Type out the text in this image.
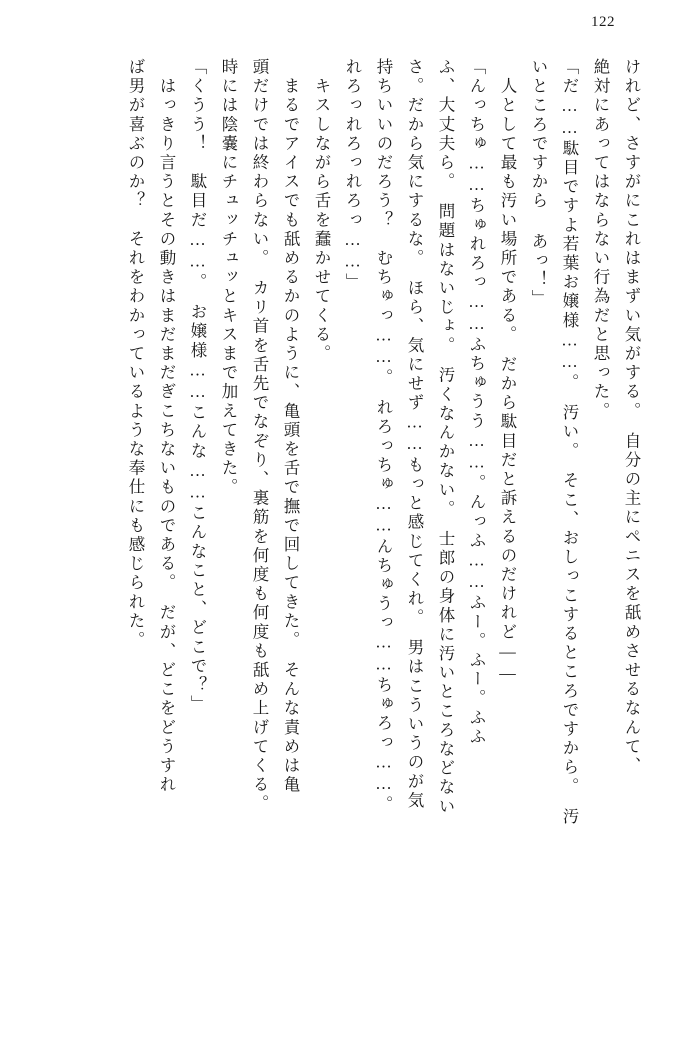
122
けれど、さすがにこれはまずい気がする。　自分の主にペニスを舐めさせるなんて、
絶対にあってはならない行為だと思った。
「だ……駄目ですよ若葉お嬢様……。　汚い。　そこ、おしっこするところですから。　汚
いところですから あっ！」
　人として最も汚い場所である。　だから駄目だと訴えるのだけれど——
「んっちゅ……ちゅれろっ……ふちゅうう……。んっふ……ふー。ふー。ふふ
ふ、大丈夫ら。　問題はないじょ。　汚くなんかない。　士郎の身体に汚いところなどない
さ。だから気にするな。　ほら、気にせず……もっと感じてくれ。　男はこういうのが気
持ちいいのだろう？　むちゅっ……。　れろっちゅ……んちゅうっ……ちゅろっ……。
れろっれろっれろっ……」
　キスしながら舌を蠢かせてくる。
　まるでアイスでも舐めるかのように、亀頭を舌で撫で回してきた。　そんな責めは亀
頭だけでは終わらない。　カリ首を舌先でなぞり、裏筋を何度も何度も舐め上げてくる。
時には陰嚢にチュッチュッとキスまで加えてきた。
「くうう！　駄目だ……。　お嬢様……こんな……こんなこと、どこで？」
　はっきり言うとその動きはまだまだぎこちないものである。　だが、どこをどうすれ
ば男が喜ぶのか？　それをわかっているような奉仕にも感じられた。
